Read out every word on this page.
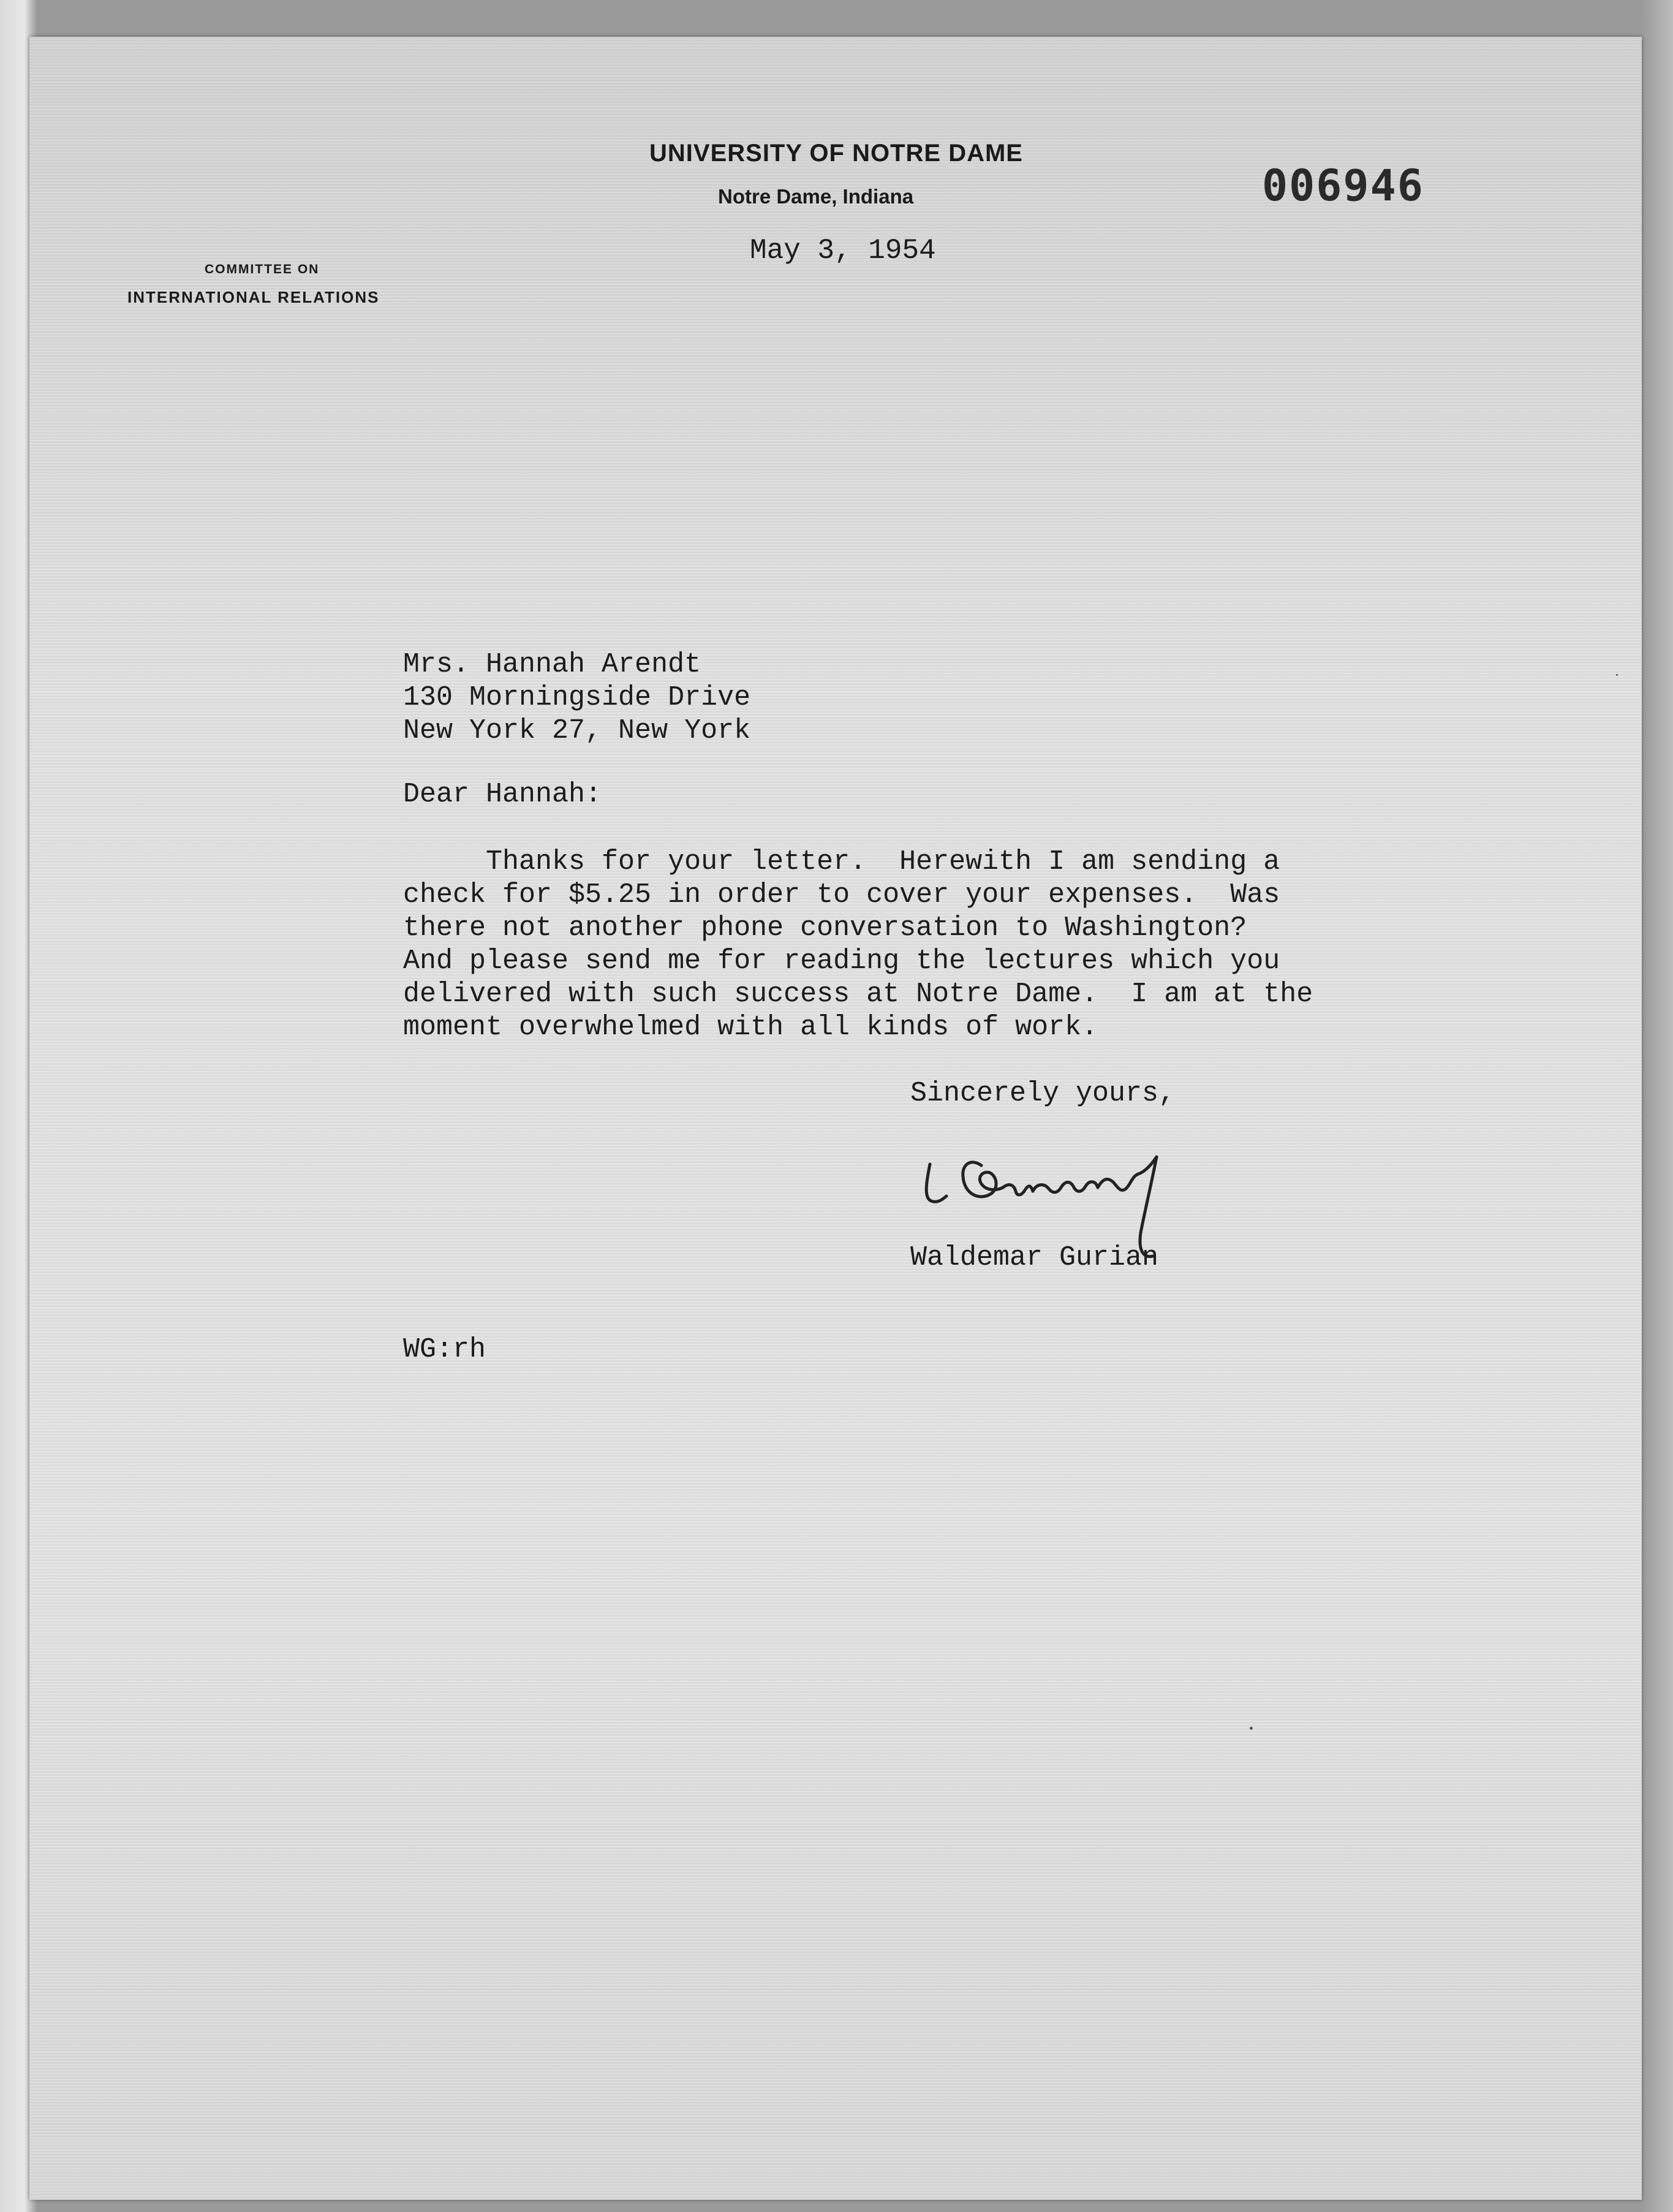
UNIVERSITY OF NOTRE DAME

Notre Dame, Indiana

COMMITTEE ON

INTERNATIONAL RELATIONS

006946

May 3, 1954

Mrs. Hannah Arendt

130 Morningside Drive

New York 27, New York

Dear Hannah:

Thanks for your letter.  Herewith I am sending a

check for $5.25 in order to cover your expenses.  Was

there not another phone conversation to Washington?

And please send me for reading the lectures which you

delivered with such success at Notre Dame.  I am at the

moment overwhelmed with all kinds of work.

Sincerely yours,

Waldemar Gurian

WG:rh
